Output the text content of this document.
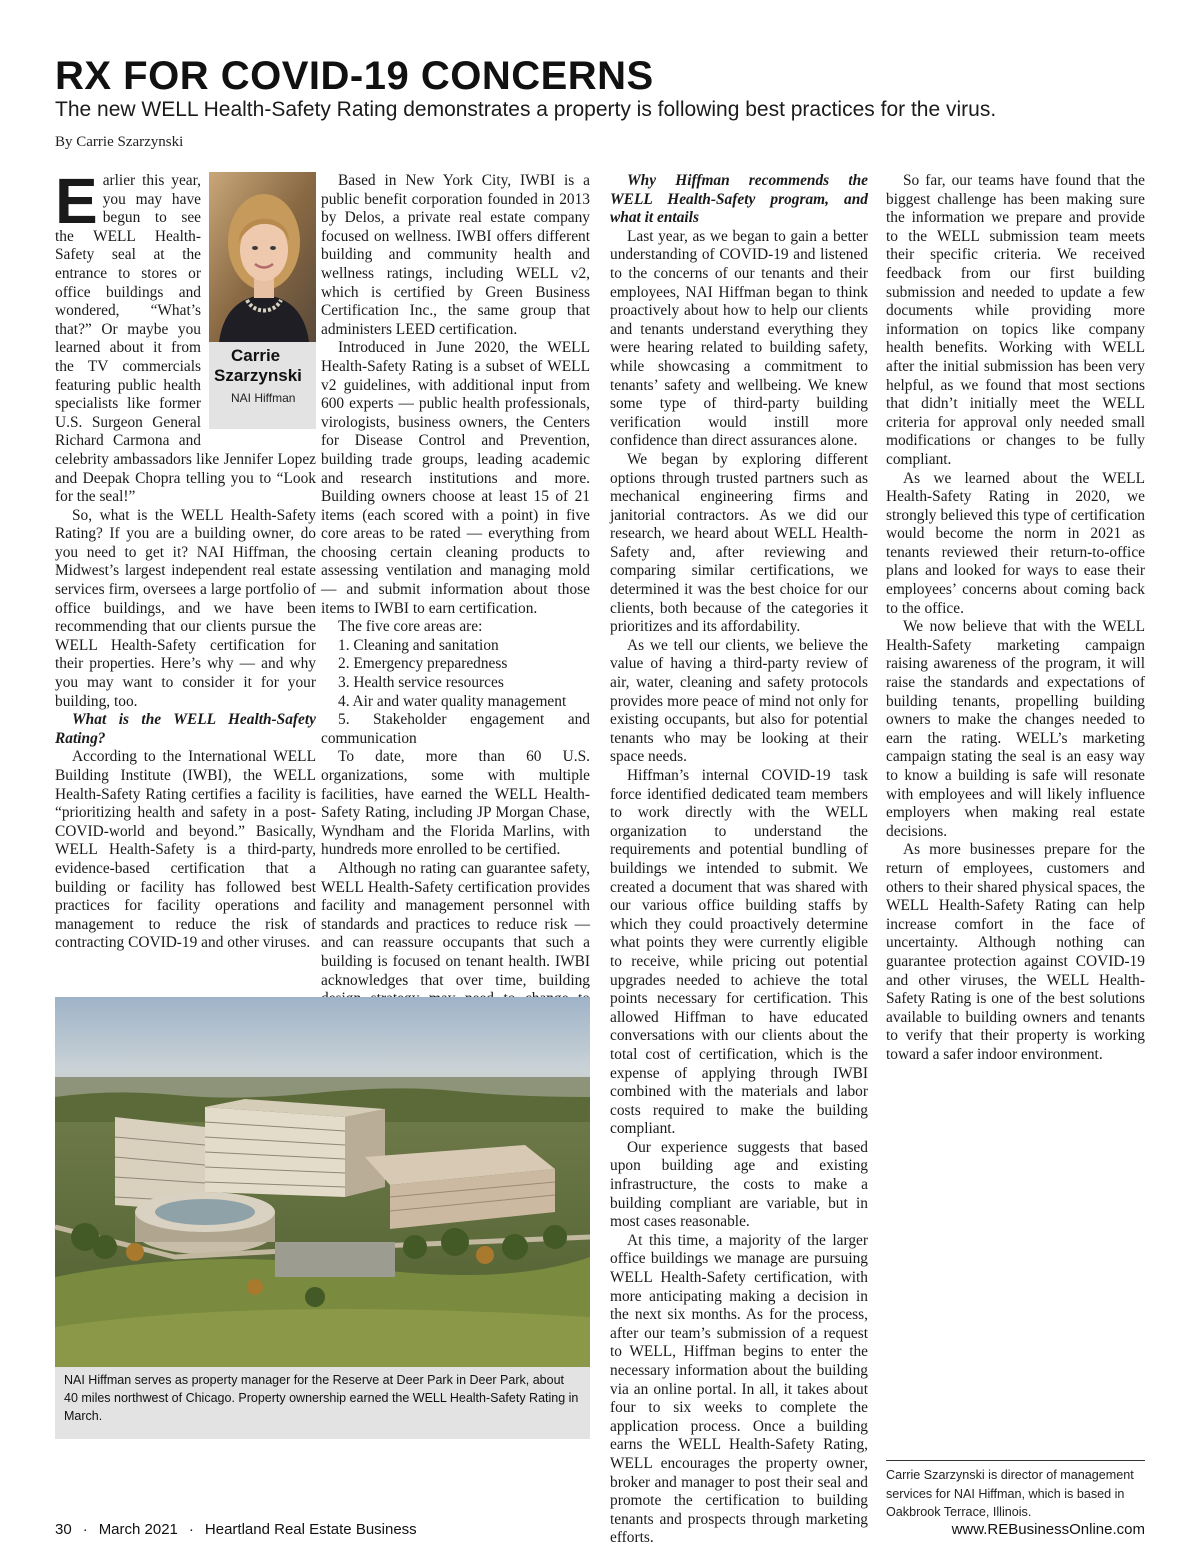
RX FOR COVID-19 CONCERNS

The new WELL Health-Safety Rating demonstrates a property is following best practices for the virus.

By Carrie Szarzynski

Carrie Szarzynski

NAI Hiffman

Earlier this year, you may have begun to see the WELL Health-Safety seal at the entrance to stores or office buildings and wondered, “What’s that?” Or maybe you learned about it from the TV commercials featuring public health specialists like former U.S. Surgeon General Richard Carmona and celebrity ambassadors like Jennifer Lopez and Deepak Chopra telling you to “Look for the seal!”

So, what is the WELL Health-Safety Rating? If you are a building owner, do you need to get it? NAI Hiffman, the Midwest’s largest independent real estate services firm, oversees a large portfolio of office buildings, and we have been recommending that our clients pursue the WELL Health-Safety certification for their properties. Here’s why — and why you may want to consider it for your building, too.

What is the WELL Health-Safety Rating?

According to the International WELL Building Institute (IWBI), the WELL Health-Safety Rating certifies a facility is “prioritizing health and safety in a post-COVID-world and beyond.” Basically, WELL Health-Safety is a third-party, evidence-based certification that a building or facility has followed best practices for facility operations and management to reduce the risk of contracting COVID-19 and other viruses.

Based in New York City, IWBI is a public benefit corporation founded in 2013 by Delos, a private real estate company focused on wellness. IWBI offers different building and community health and wellness ratings, including WELL v2, which is certified by Green Business Certification Inc., the same group that administers LEED certification.

Introduced in June 2020, the WELL Health-Safety Rating is a subset of WELL v2 guidelines, with additional input from 600 experts — public health professionals, virologists, business owners, the Centers for Disease Control and Prevention, building trade groups, leading academic and research institutions and more. Building owners choose at least 15 of 21 items (each scored with a point) in five core areas to be rated — everything from choosing certain cleaning products to assessing ventilation and managing mold — and submit information about those items to IWBI to earn certification.

The five core areas are:

1. Cleaning and sanitation

2. Emergency preparedness

3. Health service resources

4. Air and water quality management

5. Stakeholder engagement and communication

To date, more than 60 U.S. organizations, some with multiple facilities, have earned the WELL Health-Safety Rating, including JP Morgan Chase, Wyndham and the Florida Marlins, with hundreds more enrolled to be certified.

Although no rating can guarantee safety, WELL Health-Safety certification provides facility and management personnel with standards and practices to reduce risk — and can reassure occupants that such a building is focused on tenant health. IWBI acknowledges that over time, building

Why Hiffman recommends the WELL Health-Safety program, and what it entails

Last year, as we began to gain a better understanding of COVID-19 and listened to the concerns of our tenants and their employees, NAI Hiffman began to think proactively about how to help our clients and tenants understand everything they were hearing related to building safety, while showcasing a commitment to tenants’ safety and wellbeing. We knew some type of third-party building verification would instill more confidence than direct assurances alone.

We began by exploring different options through trusted partners such as mechanical engineering firms and janitorial contractors. As we did our research, we heard about WELL Health-Safety and, after reviewing and comparing similar certifications, we determined it was the best choice for our clients, both because of the categories it prioritizes and its affordability.

As we tell our clients, we believe the value of having a third-party review of air, water, cleaning and safety protocols provides more peace of mind not only for existing occupants, but also for potential tenants who may be looking at their space needs.

Hiffman’s internal COVID-19 task force identified dedicated team members to work directly with the WELL organization to understand the requirements and potential bundling of buildings we intended to submit. We created a document that was shared with our various office building staffs by which they could proactively determine what points they were currently eligible to receive, while pricing out potential upgrades needed to achieve the total points necessary for certification. This allowed Hiffman to have educated conversations with our clients about the total cost of certification, which is the expense of applying through IWBI combined with the materials and labor costs required to make the building compliant.

Our experience suggests that based upon building age and existing infrastructure, the costs to make a building compliant are variable, but in most cases reasonable.

At this time, a majority of the larger office buildings we manage are pursuing WELL Health-Safety certification, with more anticipating making a decision in the next six months. As for the process, after our team’s submission of a request to WELL, Hiffman begins to enter the necessary information about the building via an online portal. In all, it takes about four to six weeks to complete the application process. Once a building earns the WELL Health-Safety Rating, WELL encourages the property owner, broker and manager to post their seal and promote the certification to building tenants and prospects through marketing efforts.

So far, our teams have found that the biggest challenge has been making sure the information we prepare and provide to the WELL submission team meets their specific criteria. We received feedback from our first building submission and needed to update a few documents while providing more information on topics like company health benefits. Working with WELL after the initial submission has been very helpful, as we found that most sections that didn’t initially meet the WELL criteria for approval only needed small modifications or changes to be fully compliant.

As we learned about the WELL Health-Safety Rating in 2020, we strongly believed this type of certification would become the norm in 2021 as tenants reviewed their return-to-office plans and looked for ways to ease their employees’ concerns about coming back to the office.

We now believe that with the WELL Health-Safety marketing campaign raising awareness of the program, it will raise the standards and expectations of building tenants, propelling building owners to make the changes needed to earn the rating. WELL’s marketing campaign stating the seal is an easy way to know a building is safe will resonate with employees and will likely influence employers when making real estate decisions.

As more businesses prepare for the return of employees, customers and others to their shared physical spaces, the WELL Health-Safety Rating can help increase comfort in the face of uncertainty. Although nothing can guarantee protection against COVID-19 and other viruses, the WELL Health-Safety Rating is one of the best solutions available to building owners and tenants to verify that their property is working toward a safer indoor environment.

NAI Hiffman serves as property manager for the Reserve at Deer Park in Deer Park, about 40 miles northwest of Chicago. Property ownership earned the WELL Health-Safety Rating in March.

Carrie Szarzynski is director of management services for NAI Hiffman, which is based in Oakbrook Terrace, Illinois.

30 · March 2021 · Heartland Real Estate Business	www.REBusinessOnline.com
